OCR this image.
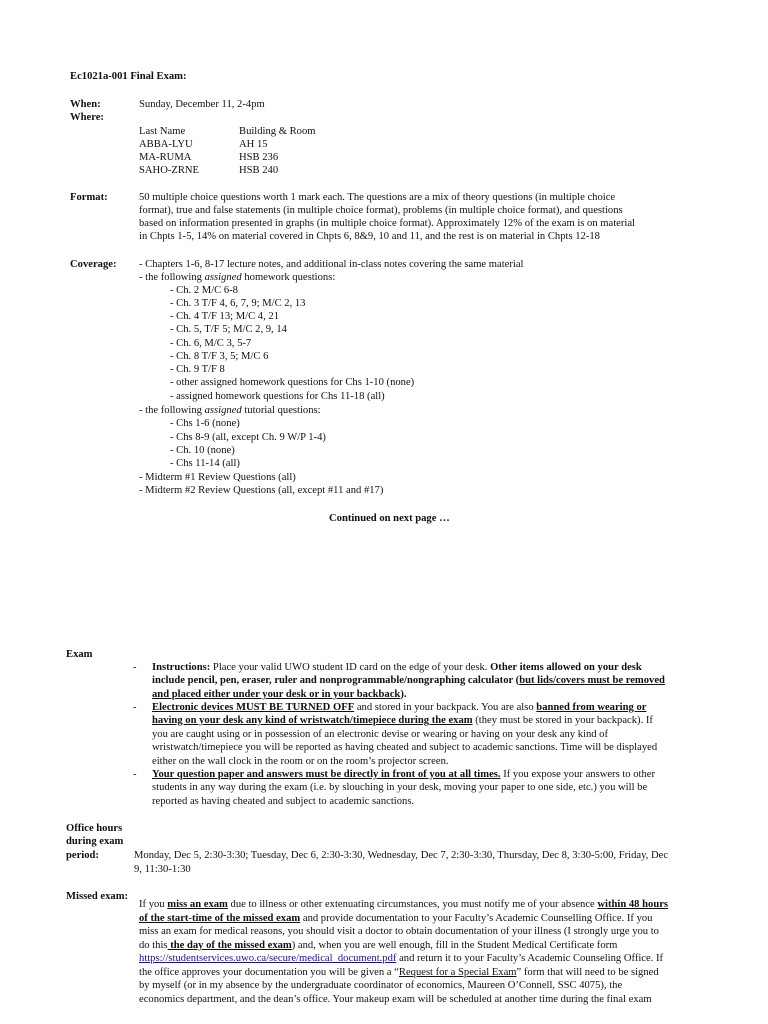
Ec1021a-001 Final Exam:
When:	Sunday, December 11, 2-4pm
Where:
Last Name	Building & Room
ABBA-LYU	AH 15
MA-RUMA	HSB 236
SAHO-ZRNE	HSB 240
Format:	50 multiple choice questions worth 1 mark each. The questions are a mix of theory questions (in multiple choice
format), true and false statements (in multiple choice format), problems (in multiple choice format), and questions
based on information presented in graphs (in multiple choice format). Approximately 12% of the exam is on material
in Chpts 1-5, 14% on material covered in Chpts 6, 8&9, 10 and 11, and the rest is on material in Chpts 12-18
Coverage: - Chapters 1-6, 8-17 lecture notes, and additional in-class notes covering the same material
- the following assigned homework questions:
- Ch. 2 M/C 6-8
- Ch. 3 T/F 4, 6, 7, 9; M/C 2, 13
- Ch. 4 T/F 13; M/C 4, 21
- Ch. 5, T/F 5; M/C 2, 9, 14
- Ch. 6, M/C 3, 5-7
- Ch. 8 T/F 3, 5; M/C 6
- Ch. 9 T/F 8
- other assigned homework questions for Chs 1-10 (none)
- assigned homework questions for Chs 11-18 (all)
- the following assigned tutorial questions:
- Chs 1-6 (none)
- Chs 8-9 (all, except Ch. 9 W/P 1-4)
- Ch. 10 (none)
- Chs 11-14 (all)
- Midterm #1 Review Questions (all)
- Midterm #2 Review Questions (all, except #11 and #17)
Continued on next page …
Exam
- Instructions: Place your valid UWO student ID card on the edge of your desk. Other items allowed on your desk
include pencil, pen, eraser, ruler and nonprogrammable/nongraphing calculator (but lids/covers must be removed
and placed either under your desk or in your backback).
- Electronic devices MUST BE TURNED OFF and stored in your backpack. You are also banned from wearing or
having on your desk any kind of wristwatch/timepiece during the exam (they must be stored in your backpack). If
you are caught using or in possession of an electronic devise or wearing or having on your desk any kind of
wristwatch/timepiece you will be reported as having cheated and subject to academic sanctions. Time will be displayed
either on the wall clock in the room or on the room’s projector screen.
- Your question paper and answers must be directly in front of you at all times. If you expose your answers to other
students in any way during the exam (i.e. by slouching in your desk, moving your paper to one side, etc.) you will be
reported as having cheated and subject to academic sanctions.
Office hours
during exam
period:	Monday, Dec 5, 2:30-3:30; Tuesday, Dec 6, 2:30-3:30, Wednesday, Dec 7, 2:30-3:30, Thursday, Dec 8, 3:30-5:00, Friday, Dec
9, 11:30-1:30
Missed exam:
If you miss an exam due to illness or other extenuating circumstances, you must notify me of your absence within 48 hours
of the start-time of the missed exam and provide documentation to your Faculty’s Academic Counselling Office. If you
miss an exam for medical reasons, you should visit a doctor to obtain documentation of your illness (I strongly urge you to
do this the day of the missed exam) and, when you are well enough, fill in the Student Medical Certificate form
https://studentservices.uwo.ca/secure/medical_document.pdf and return it to your Faculty’s Academic Counseling Office. If
the office approves your documentation you will be given a “Request for a Special Exam” form that will need to be signed
by myself (or in my absence by the undergraduate coordinator of economics, Maureen O’Connell, SSC 4075), the
economics department, and the dean’s office. Your makeup exam will be scheduled at another time during the final exam
